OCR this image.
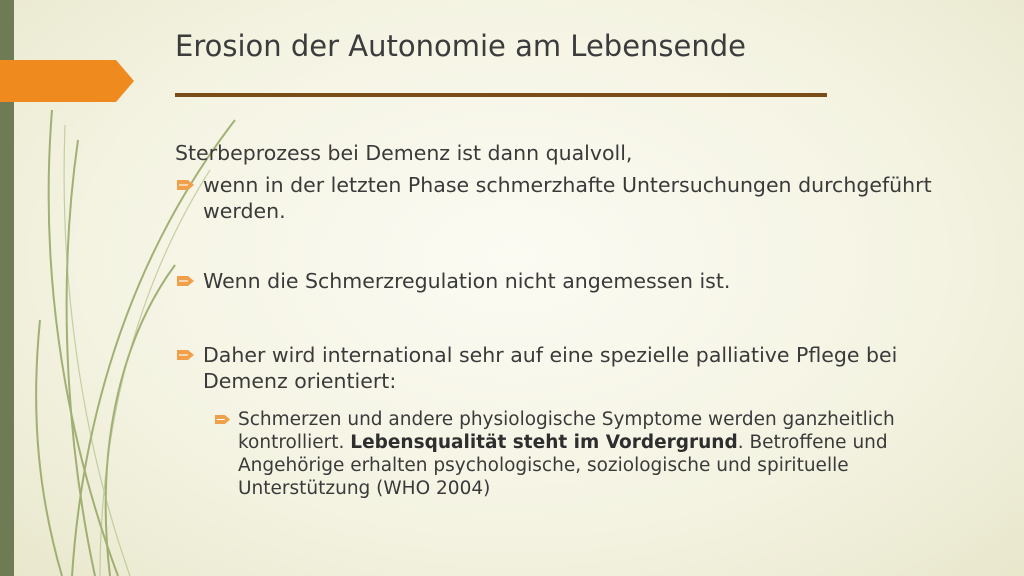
Erosion der Autonomie am Lebensende

Sterbeprozess bei Demenz ist dann qualvoll,

wenn in der letzten Phase schmerzhafte Untersuchungen durchgeführt werden.
Wenn die Schmerzregulation nicht angemessen ist.
Daher wird international sehr auf eine spezielle palliative Pflege bei Demenz orientiert:
Schmerzen und andere physiologische Symptome werden ganzheitlich kontrolliert. Lebensqualität steht im Vordergrund. Betroffene und Angehörige erhalten psychologische, soziologische und spirituelle Unterstützung (WHO 2004)
